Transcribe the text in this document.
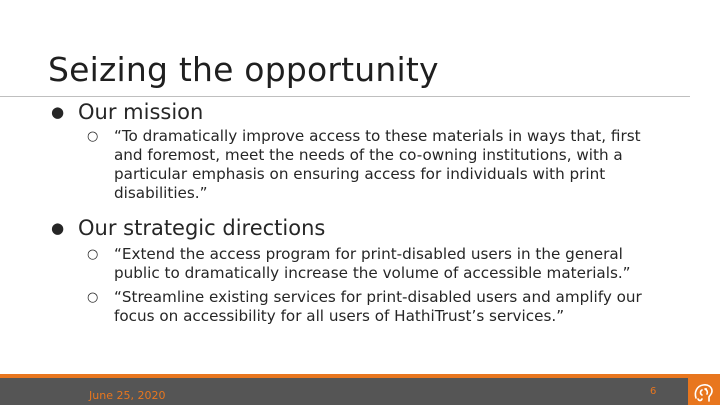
Seizing the opportunity
● Our mission
○ “To dramatically improve access to these materials in ways that, first and foremost, meet the needs of the co-owning institutions, with a particular emphasis on ensuring access for individuals with print disabilities.”
● Our strategic directions
○ “Extend the access program for print-disabled users in the general public to dramatically increase the volume of accessible materials.”
○ “Streamline existing services for print-disabled users and amplify our focus on accessibility for all users of HathiTrust’s services.”
June 25, 2020	6
